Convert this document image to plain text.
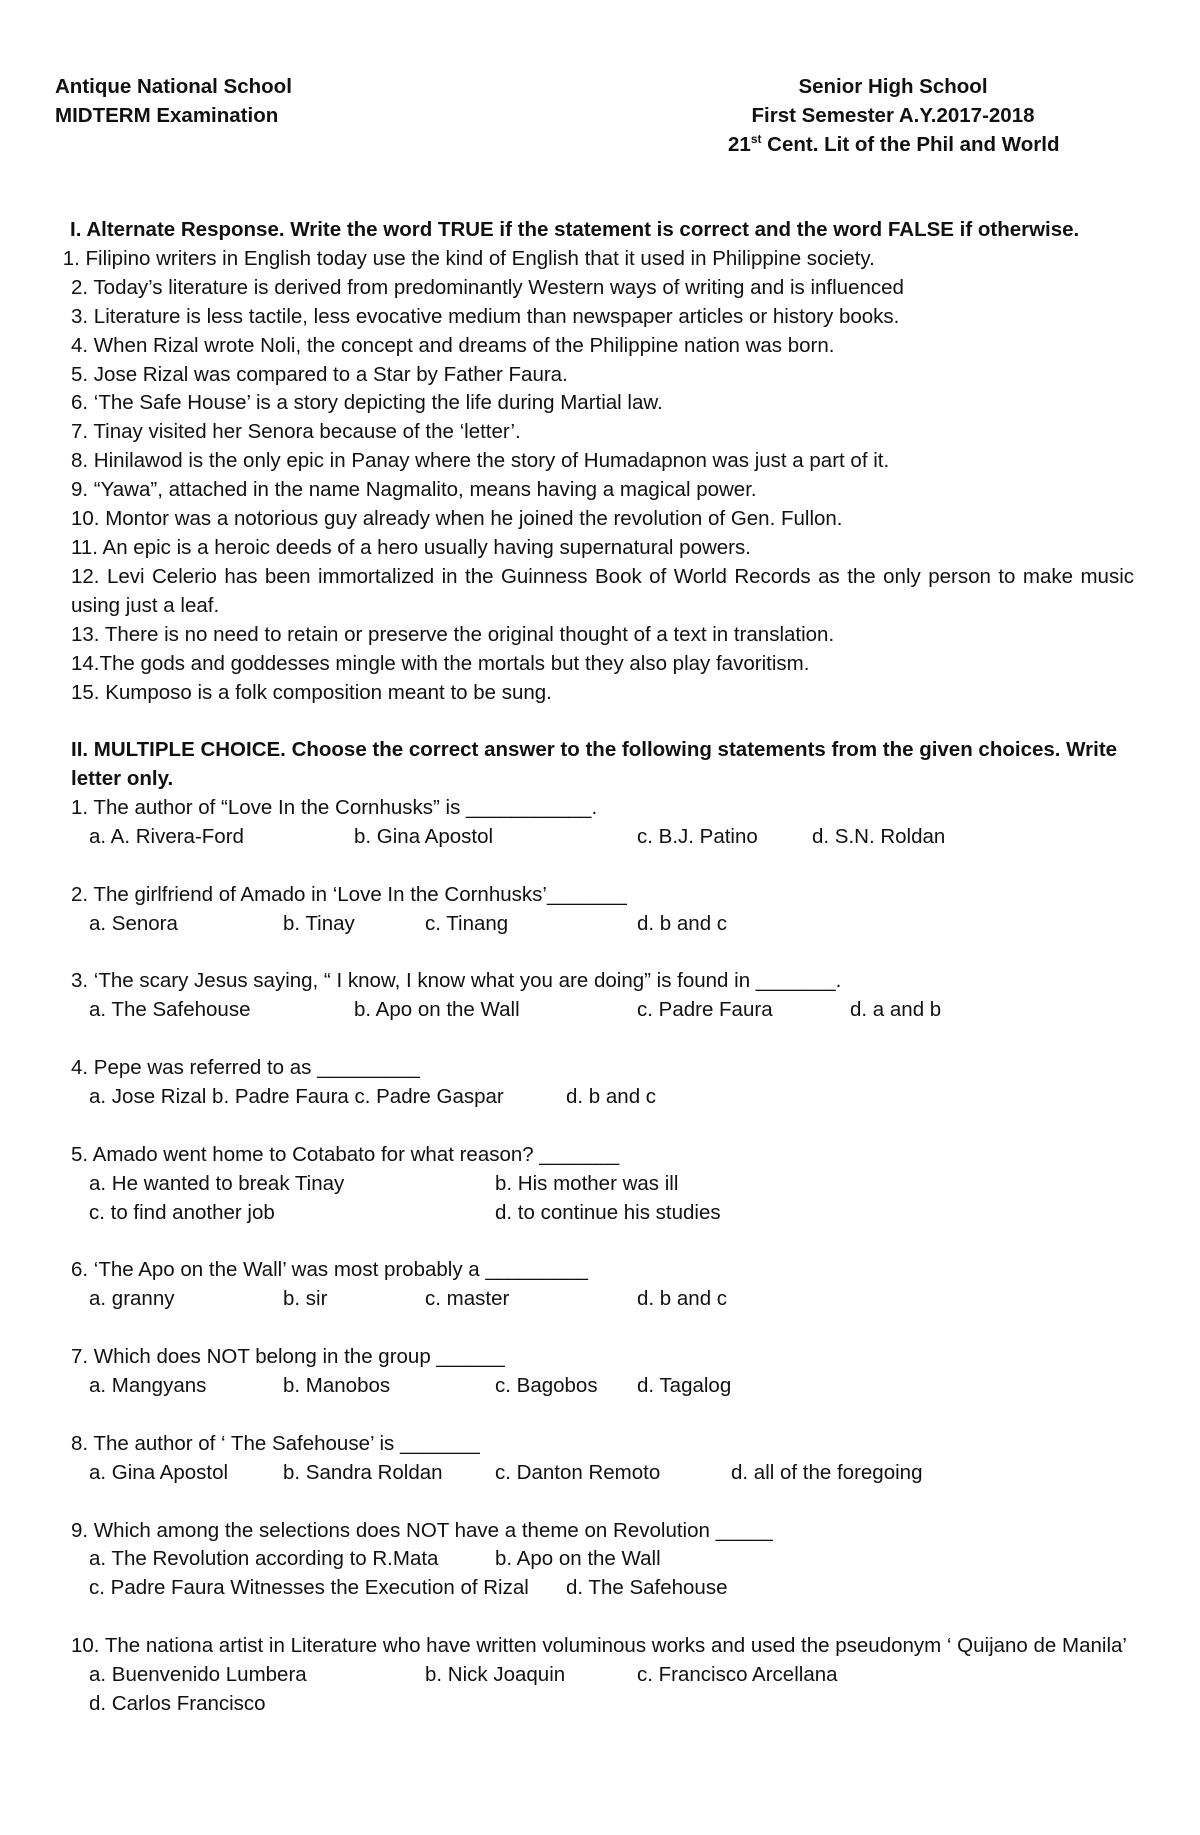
Antique National School
MIDTERM Examination
Senior High School
First Semester A.Y.2017-2018
21st Cent. Lit of the Phil and World
I. Alternate Response. Write the word TRUE if the statement is correct and the word FALSE if otherwise.
1. Filipino writers in English today use the kind of English that it used in Philippine society.
2. Today’s literature is derived from predominantly Western ways of writing and is influenced
3. Literature is less tactile, less evocative medium than newspaper articles or history books.
4. When Rizal wrote Noli, the concept and dreams of the Philippine nation was born.
5. Jose Rizal was compared to a Star by Father Faura.
6. ‘The Safe House’ is a story depicting the life during Martial law.
7. Tinay visited her Senora because of the ‘letter’.
8. Hinilawod is the only epic in Panay where the story of Humadapnon was just a part of it.
9. “Yawa”, attached in the name Nagmalito, means having a magical power.
10. Montor was a notorious guy already when he joined the revolution of Gen. Fullon.
11. An epic is a heroic deeds of a hero usually having supernatural powers.
12. Levi Celerio has been immortalized in the Guinness Book of World Records as the only person to make music using just a leaf.
13. There is no need to retain or preserve the original thought of a text in translation.
14.The gods and goddesses mingle with the mortals but they also play favoritism.
15. Kumposo is a folk composition meant to be sung.
II. MULTIPLE CHOICE. Choose the correct answer to the following statements from the given choices. Write letter only.
1. The author of “Love In the Cornhusks” is ___________.
a. A. Rivera-Ford	b. Gina Apostol	c. B.J. Patino	d. S.N. Roldan
2. The girlfriend of Amado in ‘Love In the Cornhusks’_______
a. Senora	b. Tinay	c. Tinang	d. b and c
3. ‘The scary Jesus saying, “ I know, I know what you are doing” is found in _______.
a. The Safehouse	b. Apo on the Wall	c. Padre Faura	d. a and b
4. Pepe was referred to as _________
a. Jose Rizal b. Padre Faura c. Padre Gaspar	d. b and c
5. Amado went home to Cotabato for what reason? _______
a. He wanted to break Tinay	b. His mother was ill
c. to find another job	d. to continue his studies
6. ‘The Apo on the Wall’ was most probably a _________
a. granny	b. sir	c. master	d. b and c
7. Which does NOT belong in the group ______
a. Mangyans	b. Manobos	c. Bagobos d. Tagalog
8. The author of ‘ The Safehouse’ is _______
a. Gina Apostol	b. Sandra Roldan	c. Danton Remoto	d. all of the foregoing
9. Which among the selections does NOT have a theme on Revolution _____
a. The Revolution according to R.Mata	b. Apo on the Wall
c. Padre Faura Witnesses the Execution of Rizal d. The Safehouse
10. The nationa artist in Literature who have written voluminous works and used the pseudonym ‘ Quijano de Manila’
a. Buenvenido Lumbera	b. Nick Joaquin	c. Francisco Arcellana
d. Carlos Francisco
